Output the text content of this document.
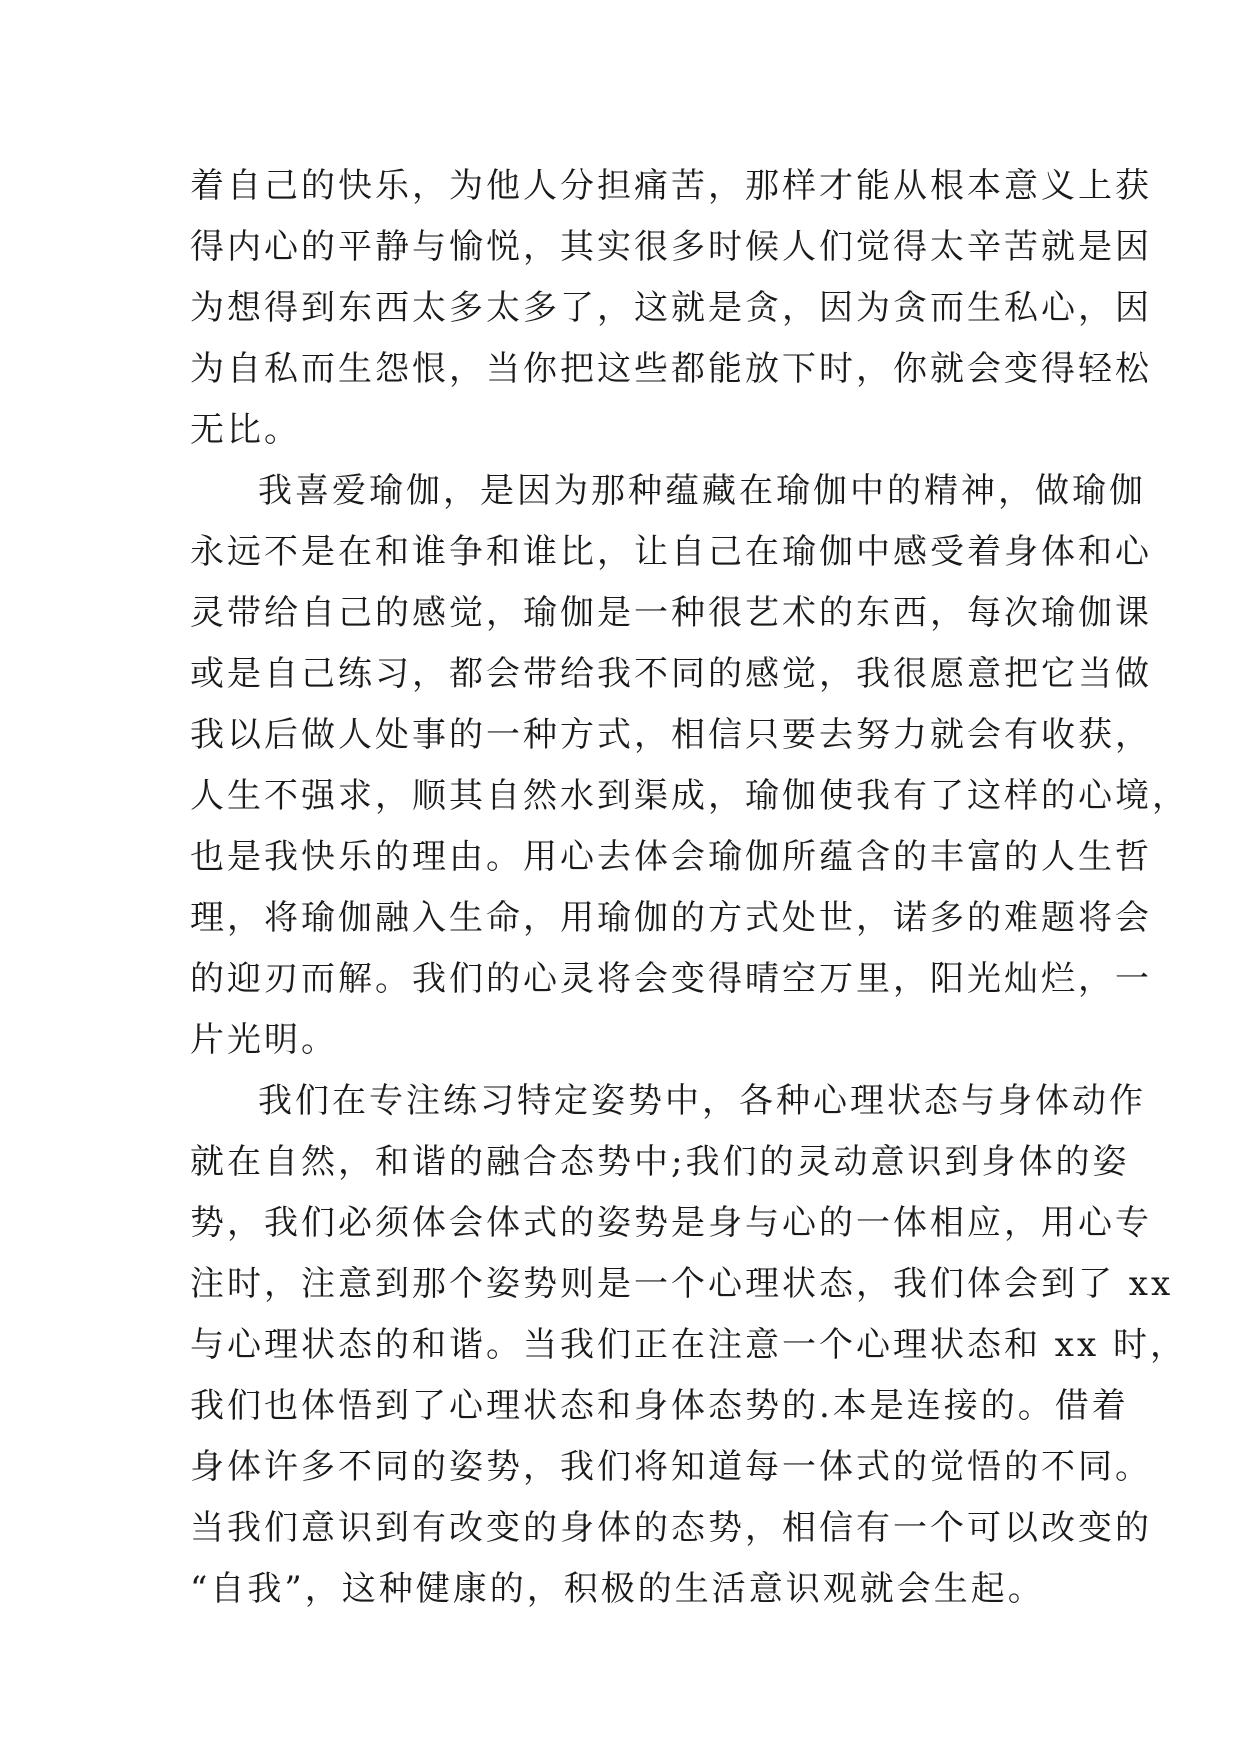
着自己的快乐，为他人分担痛苦，那样才能从根本意义上获
得内心的平静与愉悦，其实很多时候人们觉得太辛苦就是因
为想得到东西太多太多了，这就是贪，因为贪而生私心，因
为自私而生怨恨，当你把这些都能放下时，你就会变得轻松
无比。
我喜爱瑜伽，是因为那种蕴藏在瑜伽中的精神，做瑜伽
永远不是在和谁争和谁比，让自己在瑜伽中感受着身体和心
灵带给自己的感觉，瑜伽是一种很艺术的东西，每次瑜伽课
或是自己练习，都会带给我不同的感觉，我很愿意把它当做
我以后做人处事的一种方式，相信只要去努力就会有收获，
人生不强求，顺其自然水到渠成，瑜伽使我有了这样的心境，
也是我快乐的理由。用心去体会瑜伽所蕴含的丰富的人生哲
理，将瑜伽融入生命，用瑜伽的方式处世，诺多的难题将会
的迎刃而解。我们的心灵将会变得晴空万里，阳光灿烂，一
片光明。
我们在专注练习特定姿势中，各种心理状态与身体动作
就在自然，和谐的融合态势中;我们的灵动意识到身体的姿
势，我们必须体会体式的姿势是身与心的一体相应，用心专
注时，注意到那个姿势则是一个心理状态，我们体会到了 xx
与心理状态的和谐。当我们正在注意一个心理状态和 xx 时，
我们也体悟到了心理状态和身体态势的.本是连接的。借着
身体许多不同的姿势，我们将知道每一体式的觉悟的不同。
当我们意识到有改变的身体的态势，相信有一个可以改变的
“自我”，这种健康的，积极的生活意识观就会生起。
